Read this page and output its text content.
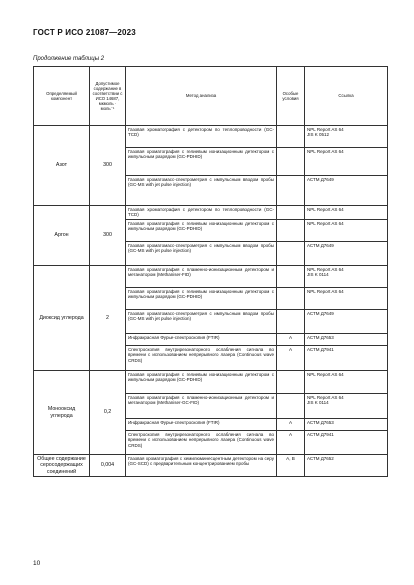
ГОСТ Р ИСО 21087—2023
Продолжение таблицы 2
Определяемый компонент	Допустимое содержание в соответствии с ИСО 14687, мкмоль · моль⁻¹	Метод анализа	Особые условия	Ссылка
Азот	300	Газовая хроматография с детектором по теплопроводности (GC-TCD)		NPL Report AS 64
JIS K 0512

		Газовая хроматография с гелиевым ионизационным детектором с импульсным разрядом (GC-PDHID)		NPL Report AS 64

		Газовая хроматомасс-спектрометрия с импульсным вводом пробы (GC-MS with jet pulse injection)		АСТМ Д7649

Аргон	300	Газовая хроматография с детектором по теплопроводности (GC-TCD)		NPL Report AS 64

		Газовая хроматография с гелиевым ионизационным детектором с импульсным разрядом (GC-PDHID)		NPL Report AS 64

		Газовая хроматомасс-спектрометрия с импульсным вводом пробы (GC-MS with jet pulse injection)		АСТМ Д7649

Диоксид углерода	2	Газовая хроматография с пламенно-ионизационным детектором и метанатором (Methaniser-FID)		NPL Report AS 64
JIS K 0114

		Газовая хроматография с гелиевым ионизационным детектором с импульсным разрядом (GC-PDHID)		NPL Report AS 64

		Газовая хроматомасс-спектрометрия с импульсным вводом пробы (GC-MS with jet pulse injection)		АСТМ Д7649

		Инфракрасная Фурье-спектроскопия (FTIR)	A	АСТМ Д7653

		Спектроскопия внутрирезонаторного ослабления сигнала во времени с использованием непрерывного лазера (Continuous wave CRDS)	A	АСТМ Д7941

Монооксид углерода	0,2	Газовая хроматография с гелиевым ионизационным детектором с импульсным разрядом (GC-PDHID)		NPL Report AS 64

		Газовая хроматография с пламенно-ионизационным детектором и метанатором (Methaniser-GC-FID)		NPL Report AS 64
JIS K 0114

		Инфракрасная Фурье-спектроскопия (FTIR)	A	АСТМ Д7653

		Спектроскопия внутрирезонаторного ослабления сигнала во времени с использованием непрерывного лазера (Continuous wave CRDS)	A	АСТМ Д7941

Общее содержание серосодержащих соединений	0,004	Газовая хроматография с хемилюминесцентным детектором на серу (GC-SCD) с предварительным концентрированием пробы	A, B	АСТМ Д7652
10
